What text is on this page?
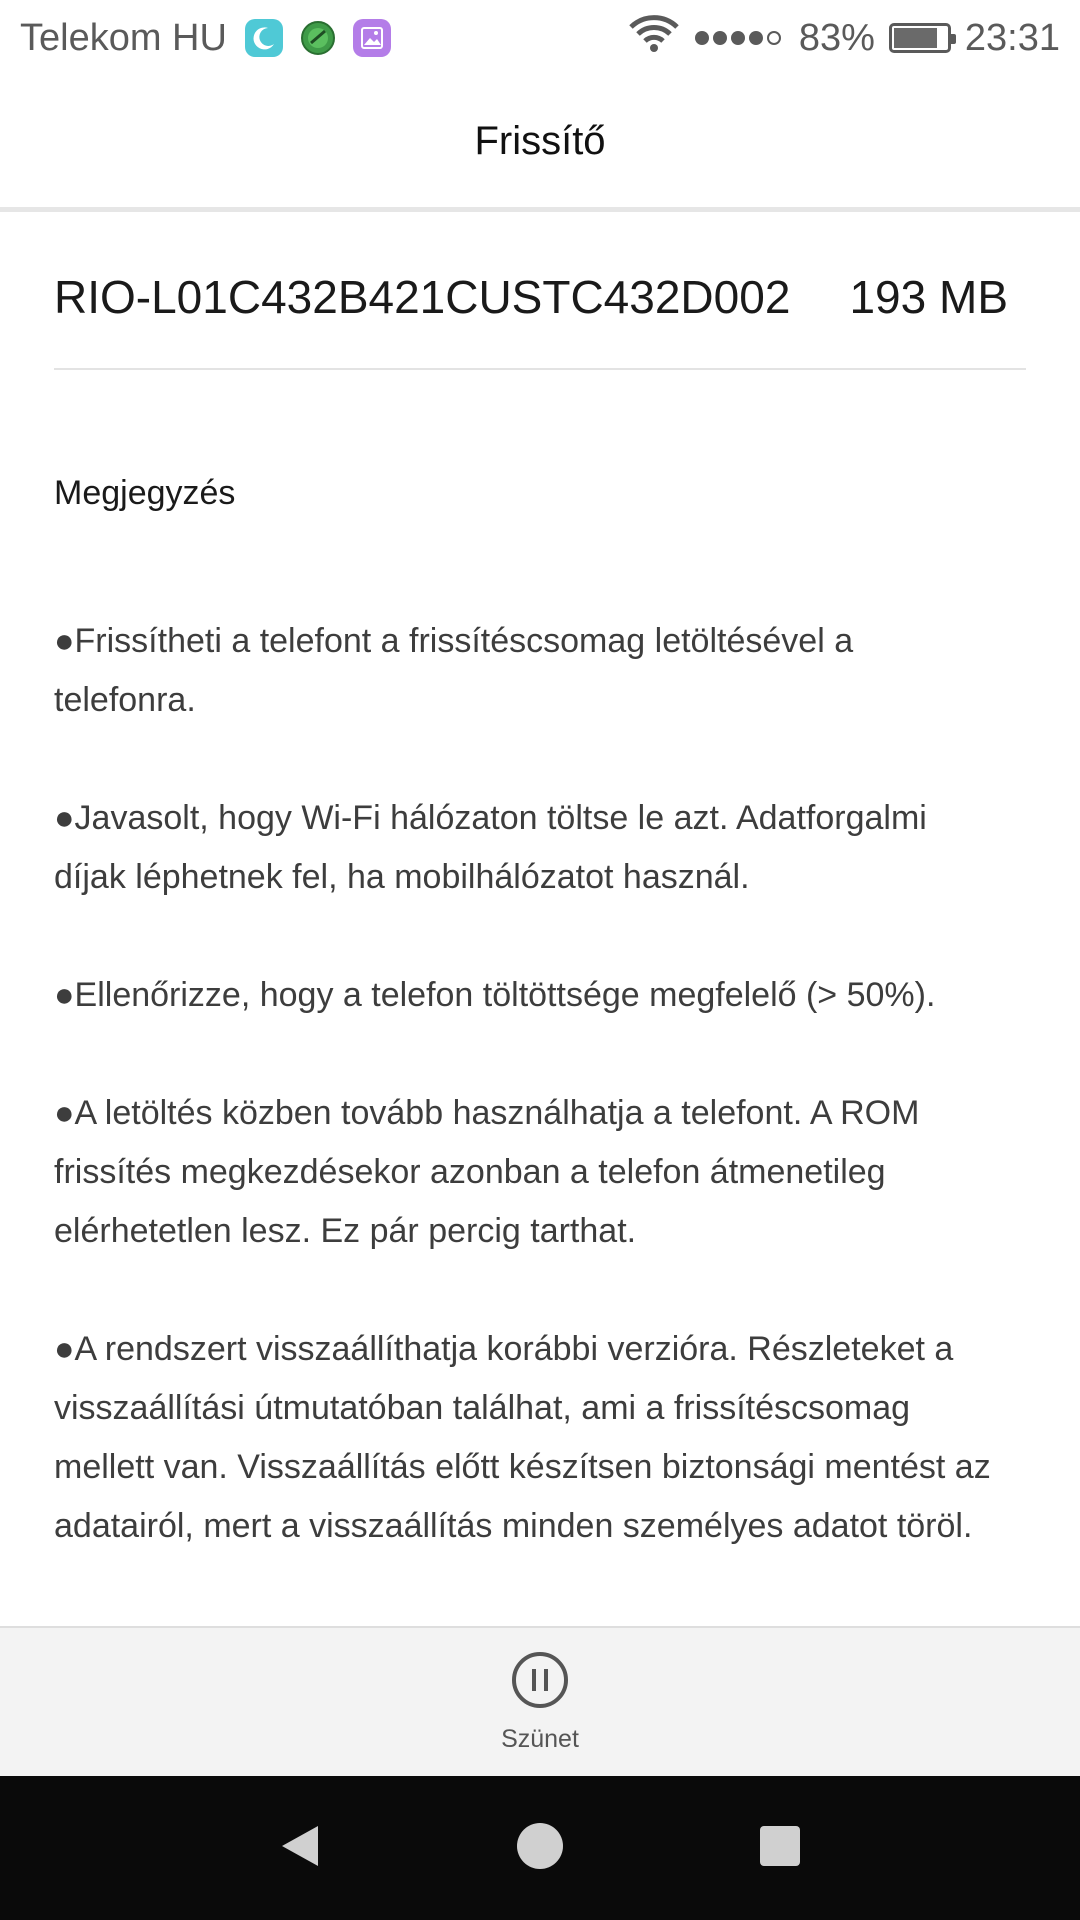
Telekom HU	83% 23:31
Frissítő
RIO-L01C432B421CUSTC432D002 193 MB
Megjegyzés

●Frissítheti a telefont a frissítéscsomag letöltésével a telefonra.

●Javasolt, hogy Wi-Fi hálózaton töltse le azt. Adatforgalmi díjak léphetnek fel, ha mobilhálózatot használ.

●Ellenőrizze, hogy a telefon töltöttsége megfelelő (> 50%).

●A letöltés közben tovább használhatja a telefont. A ROM frissítés megkezdésekor azonban a telefon átmenetileg elérhetetlen lesz. Ez pár percig tarthat.

●A rendszert visszaállíthatja korábbi verzióra. Részleteket a visszaállítási útmutatóban találhat, ami a frissítéscsomag mellett van. Visszaállítás előtt készítsen biztonsági mentést az adatairól, mert a visszaállítás minden személyes adatot töröl.

Szünet
